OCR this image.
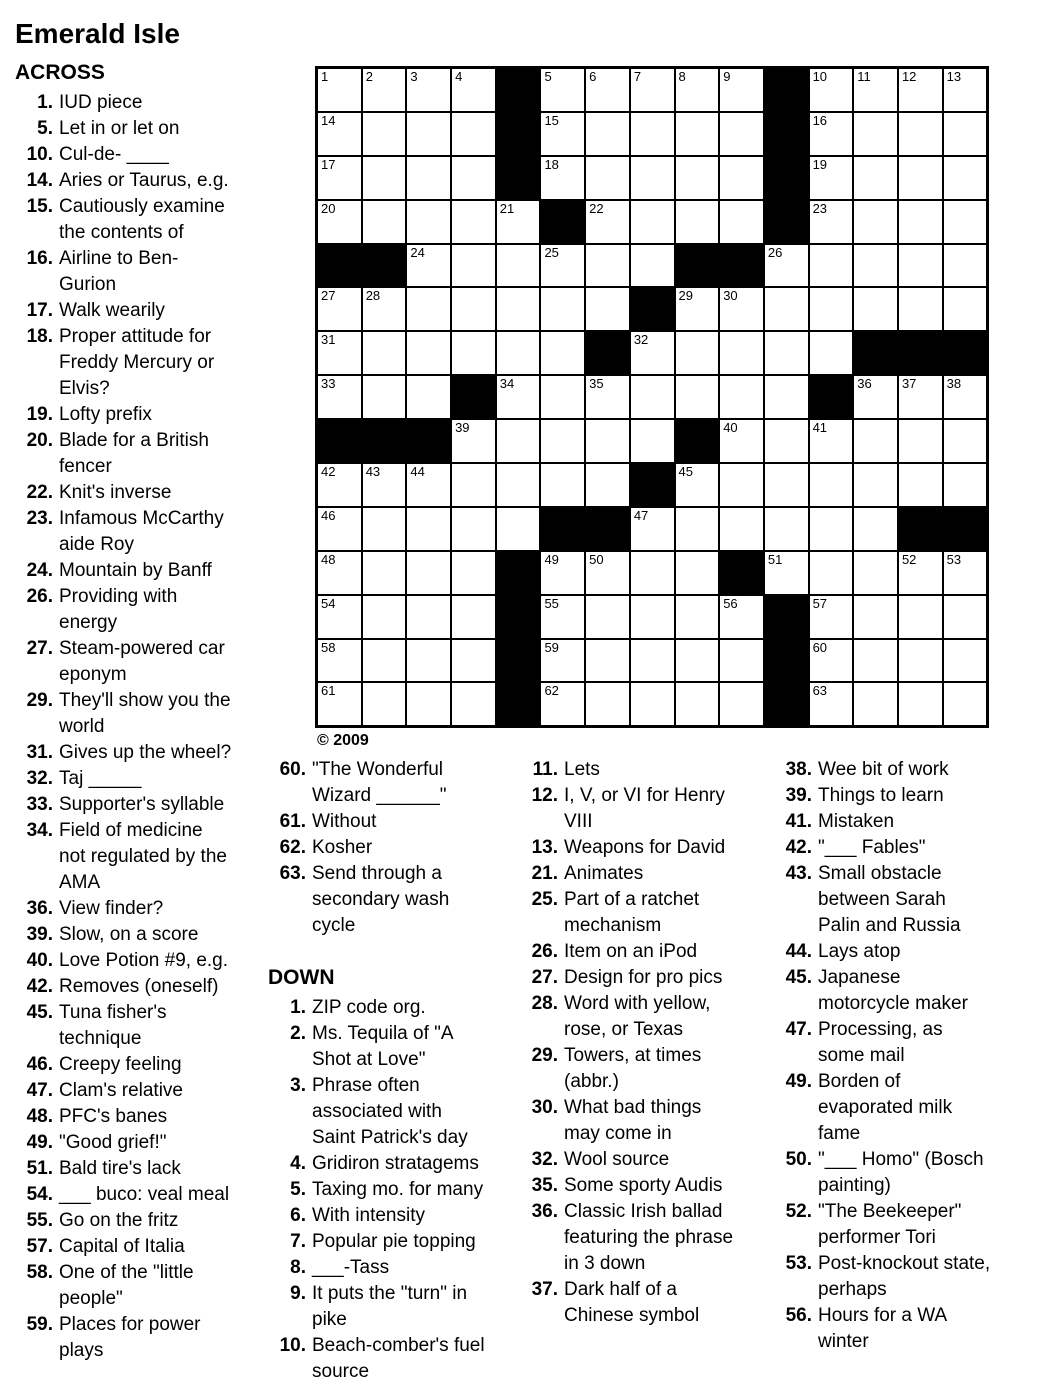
Emerald Isle
1	2	3	4	5	6	7	8	9	10 11 12 13
14	15	16
17	18	19
20	21	22	23
24	25	26
27 28	29 30
31	32
33	34	35	36 37 38
39	40	41
42 43 44	45
46	47
48	49 50	51	52 53
54	55	56	57
58	59	60
61	62	63
© 2009
ACROSS
1. IUD piece
5. Let in or let on
10. Cul-de- ____
14. Aries or Taurus, e.g.
15. Cautiously examine the contents of
16. Airline to Ben-Gurion
17. Walk wearily
18. Proper attitude for Freddy Mercury or Elvis?
19. Lofty prefix
20. Blade for a British fencer
22. Knit's inverse
23. Infamous McCarthy aide Roy
24. Mountain by Banff
26. Providing with energy
27. Steam-powered car eponym
29. They'll show you the world
31. Gives up the wheel?
32. Taj _____
33. Supporter's syllable
34. Field of medicine not regulated by the AMA
36. View finder?
39. Slow, on a score
40. Love Potion #9, e.g.
42. Removes (oneself)
45. Tuna fisher's technique
46. Creepy feeling
47. Clam's relative
48. PFC's banes
49. "Good grief!"
51. Bald tire's lack
54. ___ buco: veal meal
55. Go on the fritz
57. Capital of Italia
58. One of the "little people"
59. Places for power plays
60. "The Wonderful Wizard ______"
61. Without
62. Kosher
63. Send through a secondary wash cycle
DOWN
1. ZIP code org.
2. Ms. Tequila of "A Shot at Love"
3. Phrase often associated with Saint Patrick's day
4. Gridiron stratagems
5. Taxing mo. for many
6. With intensity
7. Popular pie topping
8. ___-Tass
9. It puts the "turn" in pike
10. Beach-comber's fuel source
11. Lets
12. I, V, or VI for Henry VIII
13. Weapons for David
21. Animates
25. Part of a ratchet mechanism
26. Item on an iPod
27. Design for pro pics
28. Word with yellow, rose, or Texas
29. Towers, at times (abbr.)
30. What bad things may come in
32. Wool source
35. Some sporty Audis
36. Classic Irish ballad featuring the phrase in 3 down
37. Dark half of a Chinese symbol
38. Wee bit of work
39. Things to learn
41. Mistaken
42. "___ Fables"
43. Small obstacle between Sarah Palin and Russia
44. Lays atop
45. Japanese motorcycle maker
47. Processing, as some mail
49. Borden of evaporated milk fame
50. "___ Homo" (Bosch painting)
52. "The Beekeeper" performer Tori
53. Post-knockout state, perhaps
56. Hours for a WA winter
